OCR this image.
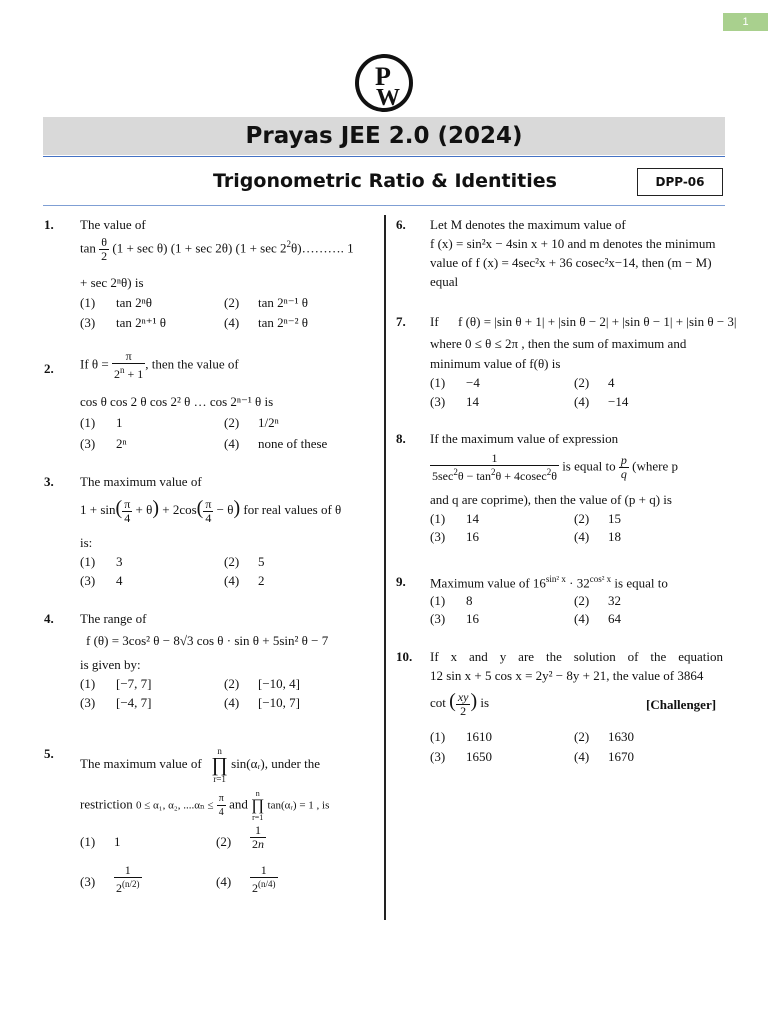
1
P
W
Prayas JEE 2.0 (2024)
Trigonometric Ratio & Identities	DPP-06
1. The value of
$\tan \frac{\theta}{2} (1 + \sec \theta) (1 + \sec 2\theta) (1 + \sec$ $2^2\theta)\dots\dots\dots$. 1
+ sec 2ⁿθ) is
(1) tan 2ⁿθ	(2) tan 2ⁿ⁻¹ θ
(3) tan 2ⁿ⁺¹ θ	(4) tan 2ⁿ⁻² θ
2. If $\theta = \frac{\pi}{2^n + 1}$ , then the value of
cos θ cos 2 θ cos 2² θ … cos 2ⁿ⁻¹ θ is
(1) 1	(2) 1/2ⁿ
(3) 2ⁿ	(4) none of these
3. The maximum value of
$1 + \sin( \frac{\pi}{4} + \theta) + 2\cos( \frac{\pi}{4} - \theta)$ for real values of θ
is:
(1) 3	(2) 5
(3) 4	(4) 2
4. The range of
f (θ) = 3cos² θ − 8√3 cos θ · sin θ + 5sin² θ − 7
is given by:
(1) [−7, 7]	(2) [−10, 4]
(3) [−4, 7]	(4) [−10, 7]
5.
The maximum value of   n
∏
r=1 sin(αᵣ), under the
restriction 0 ≤ α₁, α₂, $....\alpha_n \le \frac{\pi}{4}$ and n
∏
r=1 tan(αᵣ) = 1 , is
(1) 1	$(2) \frac{1}{2n}$
$(3) \frac{1}{2^{(n/2)}}$	$(4) \frac{1}{2^{(n/4)}}$
6. Let M denotes the maximum value of
f (x) = sin²x − 4sin x + 10 and m denotes the minimum
value of f (x) = 4sec²x + 36 cosec²x−14, then (m − M)
equal
7. If f (θ) = |sin θ + 1| + |sin θ − 2| + |sin θ − 1| + |sin θ − 3|
where 0 ≤ θ ≤ 2π , then the sum of maximum and
minimum value of f(θ) is
(1) −4	(2) 4
(3) 14	(4) −14
8. If the maximum value of expression
$\frac{1}{5\sec^2\theta - \tan^2\theta + 4cosec^2\theta}$ is equal to $\frac{p}{q}$ (where p
and q are coprime), then the value of (p + q) is
(1) 14	(2) 15
(3) 16	(4) 18
9. Maximum value of $16^{sin^2 x} \cdot 32^{cos^2 x}$ is equal to
(1) 8	(2) 32
(3) 16	(4) 64
10. If x and y are the solution of the equation
12 sin x + 5 cos x = 2y² − 8y + 21, the value of 3864
cot ( $\frac{xy}{2}$ ) is	[Challenger]
(1) 1610	(2) 1630
(3) 1650	(4) 1670
